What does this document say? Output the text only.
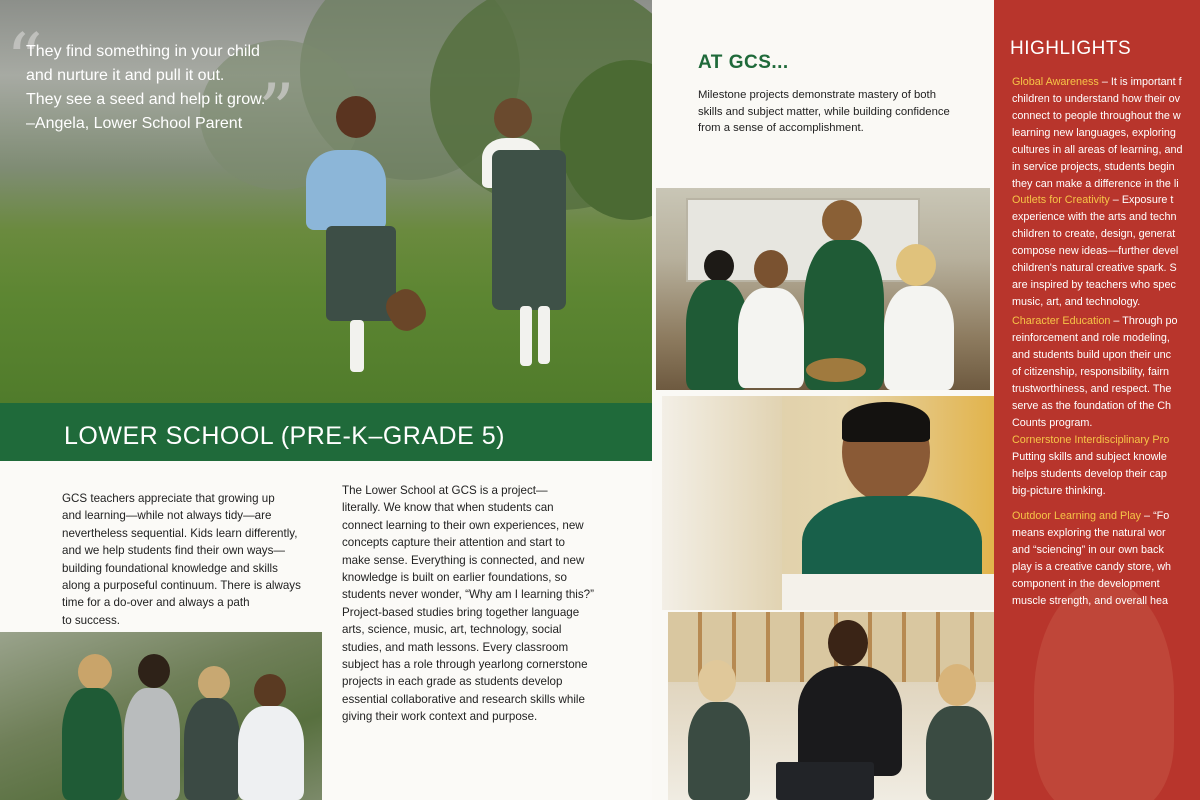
“
”
They find something in your child
and nurture it and pull it out.
They see a seed and help it grow.
–Angela, Lower School Parent
LOWER SCHOOL (PRE-K–GRADE 5)
GCS teachers appreciate that growing up
and learning—while not always tidy—are
nevertheless sequential. Kids learn differently,
and we help students find their own ways—
building foundational knowledge and skills
along a purposeful continuum. There is always
time for a do-over and always a path
to success.
The Lower School at GCS is a project—
literally. We know that when students can
connect learning to their own experiences, new
concepts capture their attention and start to
make sense. Everything is connected, and new
knowledge is built on earlier foundations, so
students never wonder, “Why am I learning this?”
Project-based studies bring together language
arts, science, music, art, technology, social
studies, and math lessons. Every classroom
subject has a role through yearlong cornerstone
projects in each grade as students develop
essential collaborative and research skills while
giving their work context and purpose.
AT GCS...
Milestone projects demonstrate mastery of both
skills and subject matter, while building confidence
from a sense of accomplishment.
HIGHLIGHTS
Global Awareness – It is important f
children to understand how their ov
connect to people throughout the w
learning new languages, exploring
cultures in all areas of learning, and
in service projects, students begin
they can make a difference in the li
Outlets for Creativity – Exposure t
experience with the arts and techn
children to create, design, generat
compose new ideas—further devel
children's natural creative spark. S
are inspired by teachers who spec
music, art, and technology.
Character Education – Through po
reinforcement and role modeling,
and students build upon their unc
of citizenship, responsibility, fairn
trustworthiness, and respect. The
serve as the foundation of the Ch
Counts program.
Cornerstone Interdisciplinary Pro
Putting skills and subject knowle
helps students develop their cap
big-picture thinking.
Outdoor Learning and Play – “Fo
means exploring the natural wor
and “sciencing” in our own back
play is a creative candy store, wh
component in the development
muscle strength, and overall hea
